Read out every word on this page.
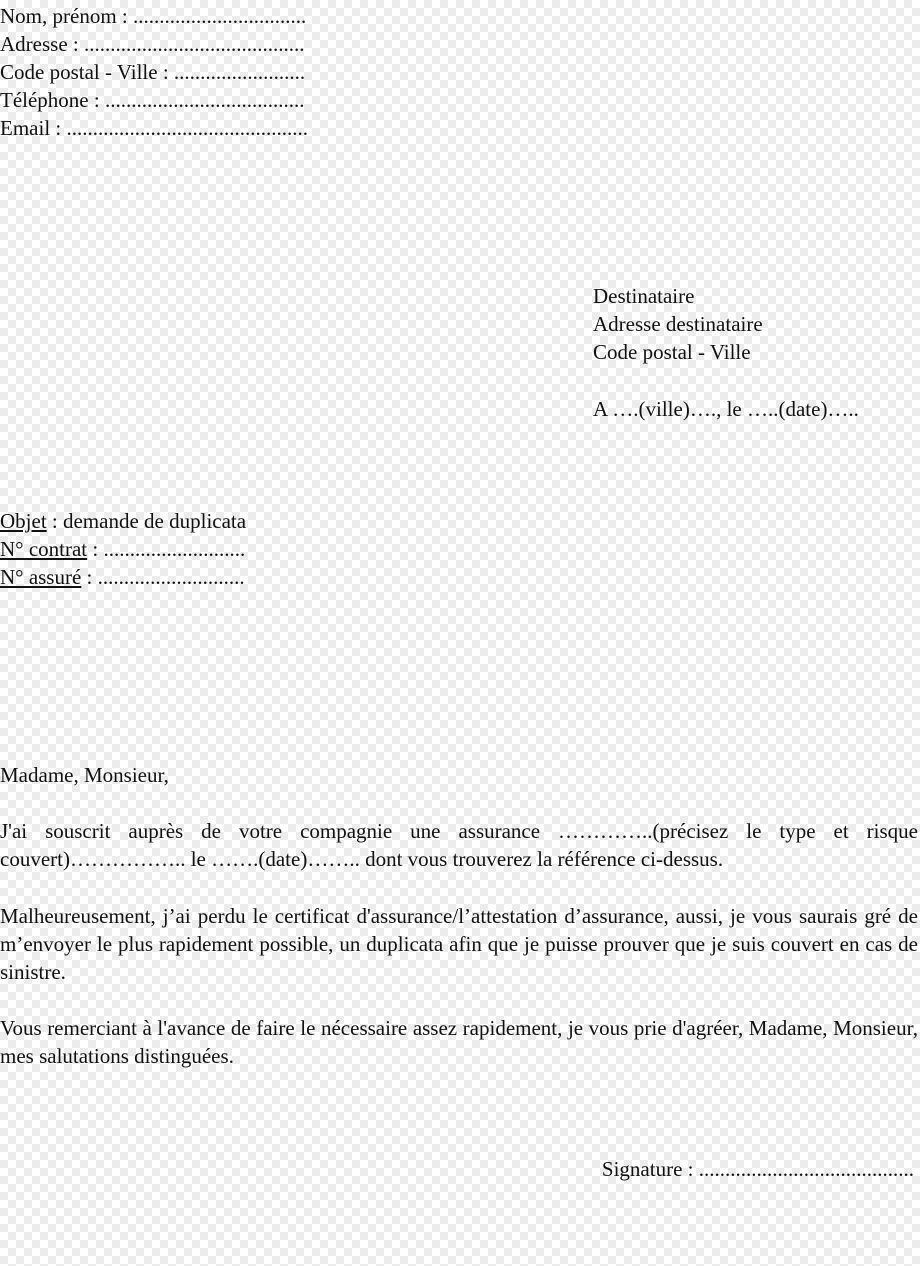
Nom, prénom : .................................

Adresse : ..........................................

Code postal - Ville : .........................

Téléphone : ......................................

Email : ..............................................

Destinataire

Adresse destinataire

Code postal - Ville

A ….(ville)…., le …..(date)…..

Objet : demande de duplicata

N° contrat : ...........................

N° assuré : ............................

Madame, Monsieur,

J'ai souscrit auprès de votre compagnie une assurance …………..(précisez le type et risque couvert)…………….. le …….(date)…….. dont vous trouverez la référence ci-dessus.

Malheureusement, j’ai perdu le certificat d'assurance/l’attestation d’assurance, aussi, je vous saurais gré de m’envoyer le plus rapidement possible, un duplicata afin que je puisse prouver que je suis couvert en cas de sinistre.

Vous remerciant à l'avance de faire le nécessaire assez rapidement, je vous prie d'agréer, Madame, Monsieur, mes salutations distinguées.

Signature : .........................................
